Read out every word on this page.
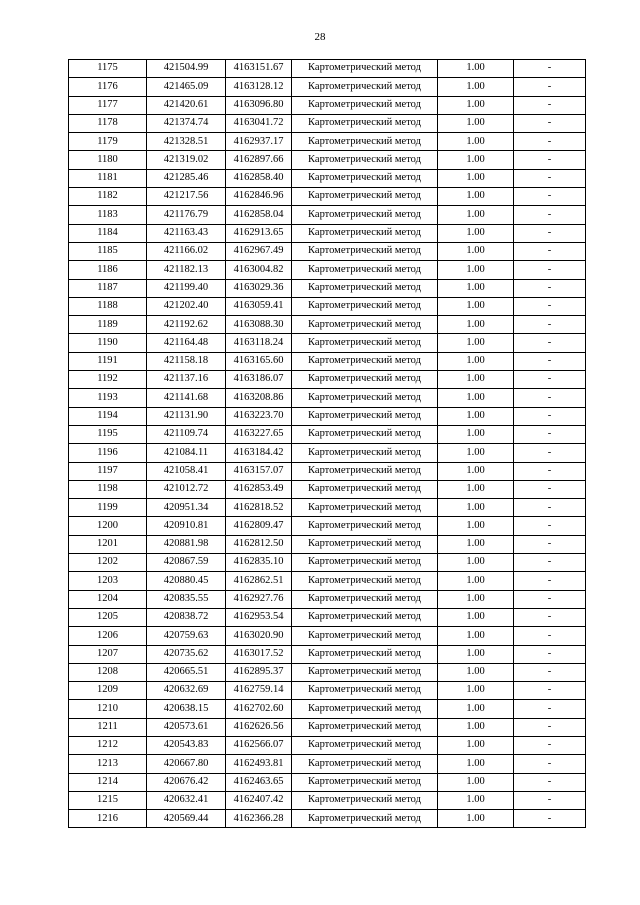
28
1175	421504.99	4163151.67	Картометрический метод	1.00	-
1176	421465.09	4163128.12	Картометрический метод	1.00	-
1177	421420.61	4163096.80	Картометрический метод	1.00	-
1178	421374.74	4163041.72	Картометрический метод	1.00	-
1179	421328.51	4162937.17	Картометрический метод	1.00	-
1180	421319.02	4162897.66	Картометрический метод	1.00	-
1181	421285.46	4162858.40	Картометрический метод	1.00	-
1182	421217.56	4162846.96	Картометрический метод	1.00	-
1183	421176.79	4162858.04	Картометрический метод	1.00	-
1184	421163.43	4162913.65	Картометрический метод	1.00	-
1185	421166.02	4162967.49	Картометрический метод	1.00	-
1186	421182.13	4163004.82	Картометрический метод	1.00	-
1187	421199.40	4163029.36	Картометрический метод	1.00	-
1188	421202.40	4163059.41	Картометрический метод	1.00	-
1189	421192.62	4163088.30	Картометрический метод	1.00	-
1190	421164.48	4163118.24	Картометрический метод	1.00	-
1191	421158.18	4163165.60	Картометрический метод	1.00	-
1192	421137.16	4163186.07	Картометрический метод	1.00	-
1193	421141.68	4163208.86	Картометрический метод	1.00	-
1194	421131.90	4163223.70	Картометрический метод	1.00	-
1195	421109.74	4163227.65	Картометрический метод	1.00	-
1196	421084.11	4163184.42	Картометрический метод	1.00	-
1197	421058.41	4163157.07	Картометрический метод	1.00	-
1198	421012.72	4162853.49	Картометрический метод	1.00	-
1199	420951.34	4162818.52	Картометрический метод	1.00	-
1200	420910.81	4162809.47	Картометрический метод	1.00	-
1201	420881.98	4162812.50	Картометрический метод	1.00	-
1202	420867.59	4162835.10	Картометрический метод	1.00	-
1203	420880.45	4162862.51	Картометрический метод	1.00	-
1204	420835.55	4162927.76	Картометрический метод	1.00	-
1205	420838.72	4162953.54	Картометрический метод	1.00	-
1206	420759.63	4163020.90	Картометрический метод	1.00	-
1207	420735.62	4163017.52	Картометрический метод	1.00	-
1208	420665.51	4162895.37	Картометрический метод	1.00	-
1209	420632.69	4162759.14	Картометрический метод	1.00	-
1210	420638.15	4162702.60	Картометрический метод	1.00	-
1211	420573.61	4162626.56	Картометрический метод	1.00	-
1212	420543.83	4162566.07	Картометрический метод	1.00	-
1213	420667.80	4162493.81	Картометрический метод	1.00	-
1214	420676.42	4162463.65	Картометрический метод	1.00	-
1215	420632.41	4162407.42	Картометрический метод	1.00	-
1216	420569.44	4162366.28	Картометрический метод	1.00	-
